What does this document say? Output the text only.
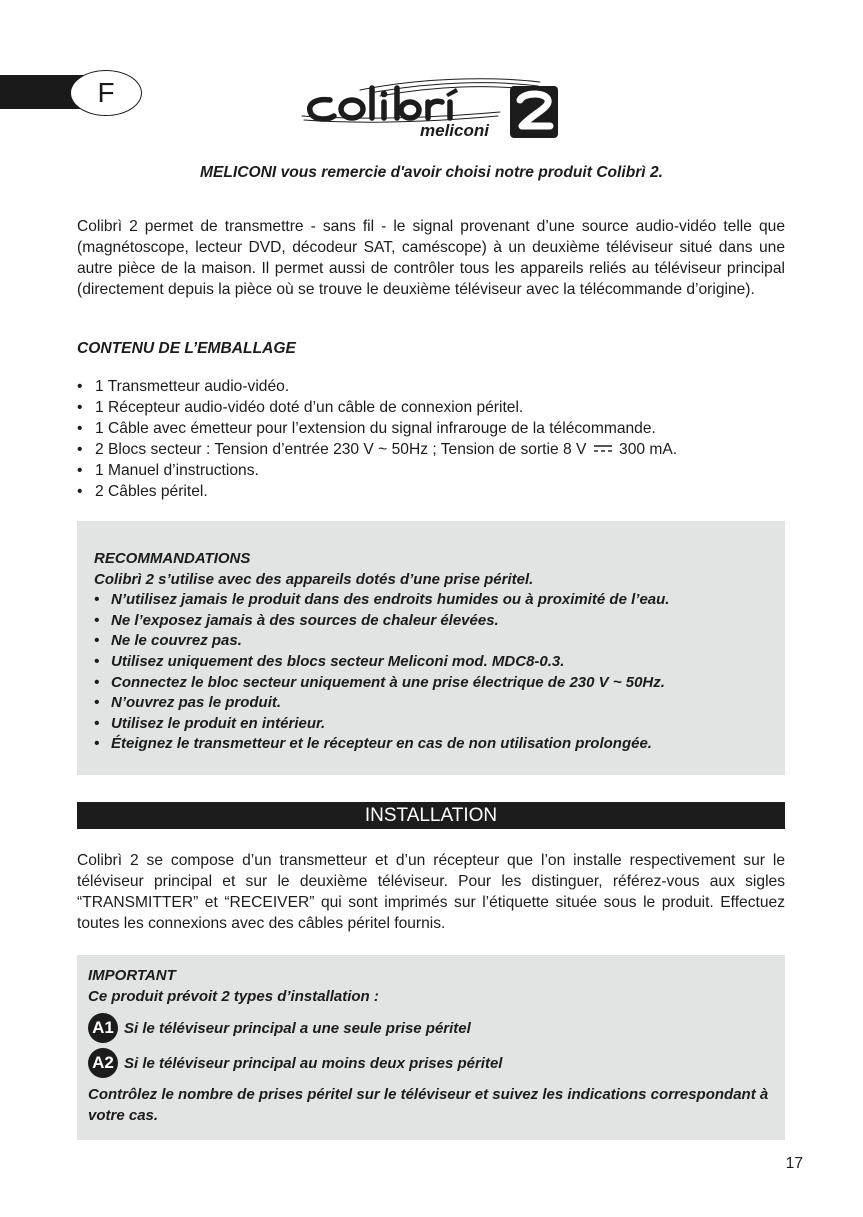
F
meliconi

MELICONI vous remercie d'avoir choisi notre produit Colibrì 2.

Colibrì 2 permet de transmettre - sans fil - le signal provenant d’une source audio-vidéo telle que (magnétoscope, lecteur DVD, décodeur SAT, caméscope) à un deuxième téléviseur situé dans une autre pièce de la maison. Il permet aussi de contrôler tous les appareils reliés au téléviseur principal (directement depuis la pièce où se trouve le deuxième téléviseur avec la télécommande d’origine).

CONTENU DE L’EMBALLAGE

• 1 Transmetteur audio-vidéo.
• 1 Récepteur audio-vidéo doté d’un câble de connexion péritel.
• 1 Câble avec émetteur pour l’extension du signal infrarouge de la télécommande.
• 2 Blocs secteur : Tension d’entrée 230 V ~ 50Hz ; Tension de sortie 8 V 300 mA.
• 1 Manuel d’instructions.
• 2 Câbles péritel.

RECOMMANDATIONS

Colibrì 2 s’utilise avec des appareils dotés d’une prise péritel.

• N’utilisez jamais le produit dans des endroits humides ou à proximité de l’eau.
• Ne l’exposez jamais à des sources de chaleur élevées.
• Ne le couvrez pas.
• Utilisez uniquement des blocs secteur Meliconi mod. MDC8-0.3.
• Connectez le bloc secteur uniquement à une prise électrique de 230 V ~ 50Hz.
• N’ouvrez pas le produit.
• Utilisez le produit en intérieur.
• Éteignez le transmetteur et le récepteur en cas de non utilisation prolongée.
INSTALLATION

Colibrì 2 se compose d’un transmetteur et d’un récepteur que l’on installe respectivement sur le téléviseur principal et sur le deuxième téléviseur. Pour les distinguer, référez-vous aux sigles “TRANSMITTER” et “RECEIVER” qui sont imprimés sur l’étiquette située sous le produit. Effectuez toutes les connexions avec des câbles péritel fournis.

IMPORTANT

Ce produit prévoit 2 types d’installation :

A1 Si le téléviseur principal a une seule prise péritel
A2 Si le téléviseur principal au moins deux prises péritel

Contrôlez le nombre de prises péritel sur le téléviseur et suivez les indications correspondant à votre cas.

17
